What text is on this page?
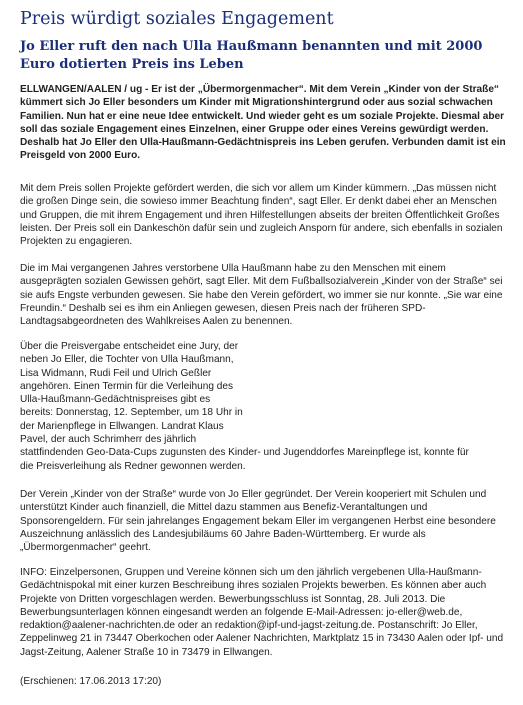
Preis würdigt soziales Engagement
Jo Eller ruft den nach Ulla Haußmann benannten und mit 2000 Euro dotierten Preis ins Leben

ELLWANGEN/AALEN / ug - Er ist der „Übermorgenmacher“. Mit dem Verein „Kinder von der Straße“ kümmert sich Jo Eller besonders um Kinder mit Migrationshintergrund oder aus sozial schwachen Familien. Nun hat er eine neue Idee entwickelt. Und wieder geht es um soziale Projekte. Diesmal aber soll das soziale Engagement eines Einzelnen, einer Gruppe oder eines Vereins gewürdigt werden. Deshalb hat Jo Eller den Ulla-Haußmann-Gedächtnispreis ins Leben gerufen. Verbunden damit ist ein Preisgeld von 2000 Euro.

Mit dem Preis sollen Projekte gefördert werden, die sich vor allem um Kinder kümmern. „Das müssen nicht die großen Dinge sein, die sowieso immer Beachtung finden“, sagt Eller. Er denkt dabei eher an Menschen und Gruppen, die mit ihrem Engagement und ihren Hilfestellungen abseits der breiten Öffentlichkeit Großes leisten. Der Preis soll ein Dankeschön dafür sein und zugleich Ansporn für andere, sich ebenfalls in sozialen Projekten zu engagieren.

Die im Mai vergangenen Jahres verstorbene Ulla Haußmann habe zu den Menschen mit einem ausgeprägten sozialen Gewissen gehört, sagt Eller. Mit dem Fußballsozialverein „Kinder von der Straße“ sei sie aufs Engste verbunden gewesen. Sie habe den Verein gefördert, wo immer sie nur konnte. „Sie war eine Freundin.“ Deshalb sei es ihm ein Anliegen gewesen, diesen Preis nach der früheren SPD-Landtagsabgeordneten des Wahlkreises Aalen zu benennen.

Über die Preisvergabe entscheidet eine Jury, der
neben Jo Eller, die Tochter von Ulla Haußmann,
Lisa Widmann, Rudi Feil und Ulrich Geßler
angehören. Einen Termin für die Verleihung des
Ulla-Haußmann-Gedächtnispreises gibt es
bereits: Donnerstag, 12. September, um 18 Uhr in
der Marienpflege in Ellwangen. Landrat Klaus
Pavel, der auch Schrimherr des jährlich
stattfindenden Geo-Data-Cups zugunsten des Kinder- und Jugenddorfes Mareinpflege ist, konnte für
die Preisverleihung als Redner gewonnen werden.

Der Verein „Kinder von der Straße“ wurde von Jo Eller gegründet. Der Verein kooperiert mit Schulen und unterstützt Kinder auch finanziell, die Mittel dazu stammen aus Benefiz-Verantaltungen und Sponsorengeldern. Für sein jahrelanges Engagement bekam Eller im vergangenen Herbst eine besondere Auszeichnung anlässlich des Landesjubiläums 60 Jahre Baden-Württemberg. Er wurde als „Übermorgenmacher“ geehrt.

INFO: Einzelpersonen, Gruppen und Vereine können sich um den jährlich vergebenen Ulla-Haußmann-Gedächtnispokal mit einer kurzen Beschreibung ihres sozialen Projekts bewerben. Es können aber auch Projekte von Dritten vorgeschlagen werden. Bewerbungsschluss ist Sonntag, 28. Juli 2013. Die Bewerbungsunterlagen können eingesandt werden an folgende E-Mail-Adressen: jo-eller@web.de, redaktion@aalener-nachrichten.de oder an redaktion@ipf-und-jagst-zeitung.de. Postanschrift: Jo Eller, Zeppelinweg 21 in 73447 Oberkochen oder Aalener Nachrichten, Marktplatz 15 in 73430 Aalen oder Ipf- und Jagst-Zeitung, Aalener Straße 10 in 73479 in Ellwangen.

(Erschienen: 17.06.2013 17:20)
